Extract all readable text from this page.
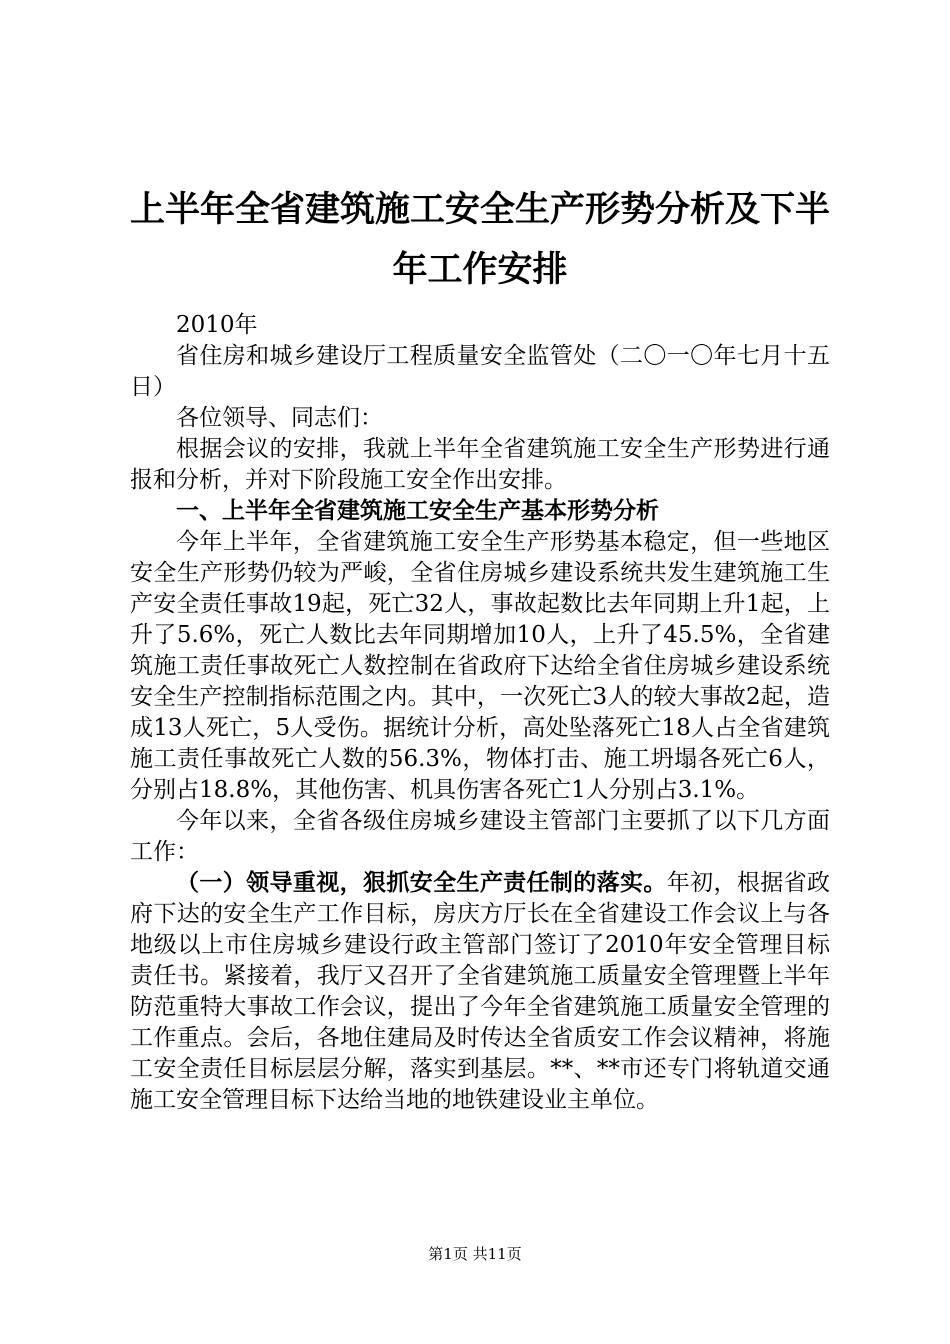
上半年全省建筑施工安全生产形势分析及下半
年工作安排

2010年

省住房和城乡建设厅工程质量安全监管处（二〇一〇年七月十五日）

各位领导、同志们：

根据会议的安排，我就上半年全省建筑施工安全生产形势进行通报和分析，并对下阶段施工安全作出安排。

一、上半年全省建筑施工安全生产基本形势分析

今年上半年，全省建筑施工安全生产形势基本稳定，但一些地区安全生产形势仍较为严峻，全省住房城乡建设系统共发生建筑施工生产安全责任事故19起，死亡32人，事故起数比去年同期上升1起，上升了5.6%，死亡人数比去年同期增加10人，上升了45.5%，全省建筑施工责任事故死亡人数控制在省政府下达给全省住房城乡建设系统安全生产控制指标范围之内。其中，一次死亡3人的较大事故2起，造成13人死亡，5人受伤。据统计分析，高处坠落死亡18人占全省建筑施工责任事故死亡人数的56.3%，物体打击、施工坍塌各死亡6人，分别占18.8%，其他伤害、机具伤害各死亡1人分别占3.1%。

今年以来，全省各级住房城乡建设主管部门主要抓了以下几方面工作：

（一）领导重视，狠抓安全生产责任制的落实。年初，根据省政府下达的安全生产工作目标，房庆方厅长在全省建设工作会议上与各地级以上市住房城乡建设行政主管部门签订了2010年安全管理目标责任书。紧接着，我厅又召开了全省建筑施工质量安全管理暨上半年防范重特大事故工作会议，提出了今年全省建筑施工质量安全管理的工作重点。会后，各地住建局及时传达全省质安工作会议精神，将施工安全责任目标层层分解，落实到基层。**、**市还专门将轨道交通施工安全管理目标下达给当地的地铁建设业主单位。

第1页 共11页
